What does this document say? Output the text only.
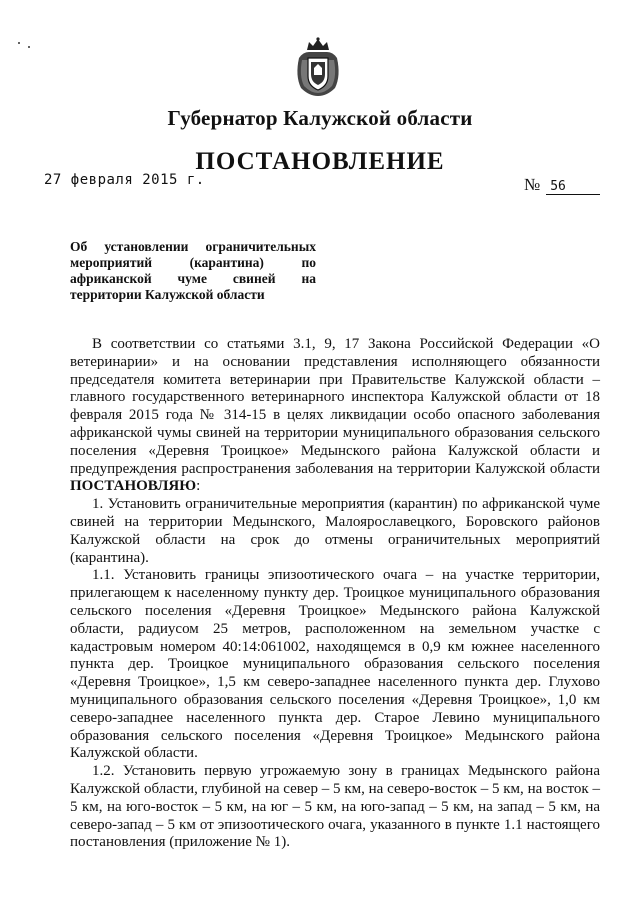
Губернатор Калужской области
ПОСТАНОВЛЕНИЕ
27 февраля 2015 г.	№ 56
Об установлении ограничительных мероприятий (карантина) по африканской чуме свиней на территории Калужской области

В соответствии со статьями 3.1, 9, 17 Закона Российской Федерации «О ветеринарии» и на основании представления исполняющего обязанности председателя комитета ветеринарии при Правительстве Калужской области – главного государственного ветеринарного инспектора Калужской области от 18 февраля 2015 года № 314-15 в целях ликвидации особо опасного заболевания африканской чумы свиней на территории муниципального образования сельского поселения «Деревня Троицкое» Медынского района Калужской области и предупреждения распространения заболевания на территории Калужской области ПОСТАНОВЛЯЮ:

1. Установить ограничительные мероприятия (карантин) по африканской чуме свиней на территории Медынского, Малоярославецкого, Боровского районов Калужской области на срок до отмены ограничительных мероприятий (карантина).

1.1. Установить границы эпизоотического очага – на участке территории, прилегающем к населенному пункту дер. Троицкое муниципального образования сельского поселения «Деревня Троицкое» Медынского района Калужской области, радиусом 25 метров, расположенном на земельном участке с кадастровым номером 40:14:061002, находящемся в 0,9 км южнее населенного пункта дер. Троицкое муниципального образования сельского поселения «Деревня Троицкое», 1,5 км северо-западнее населенного пункта дер. Глухово муниципального образования сельского поселения «Деревня Троицкое», 1,0 км северо-западнее населенного пункта дер. Старое Левино муниципального образования сельского поселения «Деревня Троицкое» Медынского района Калужской области.

1.2. Установить первую угрожаемую зону в границах Медынского района Калужской области, глубиной на север – 5 км, на северо-восток – 5 км, на восток – 5 км, на юго-восток – 5 км, на юг – 5 км, на юго-запад – 5 км, на запад – 5 км, на северо-запад – 5 км от эпизоотического очага, указанного в пункте 1.1 настоящего постановления (приложение № 1).
